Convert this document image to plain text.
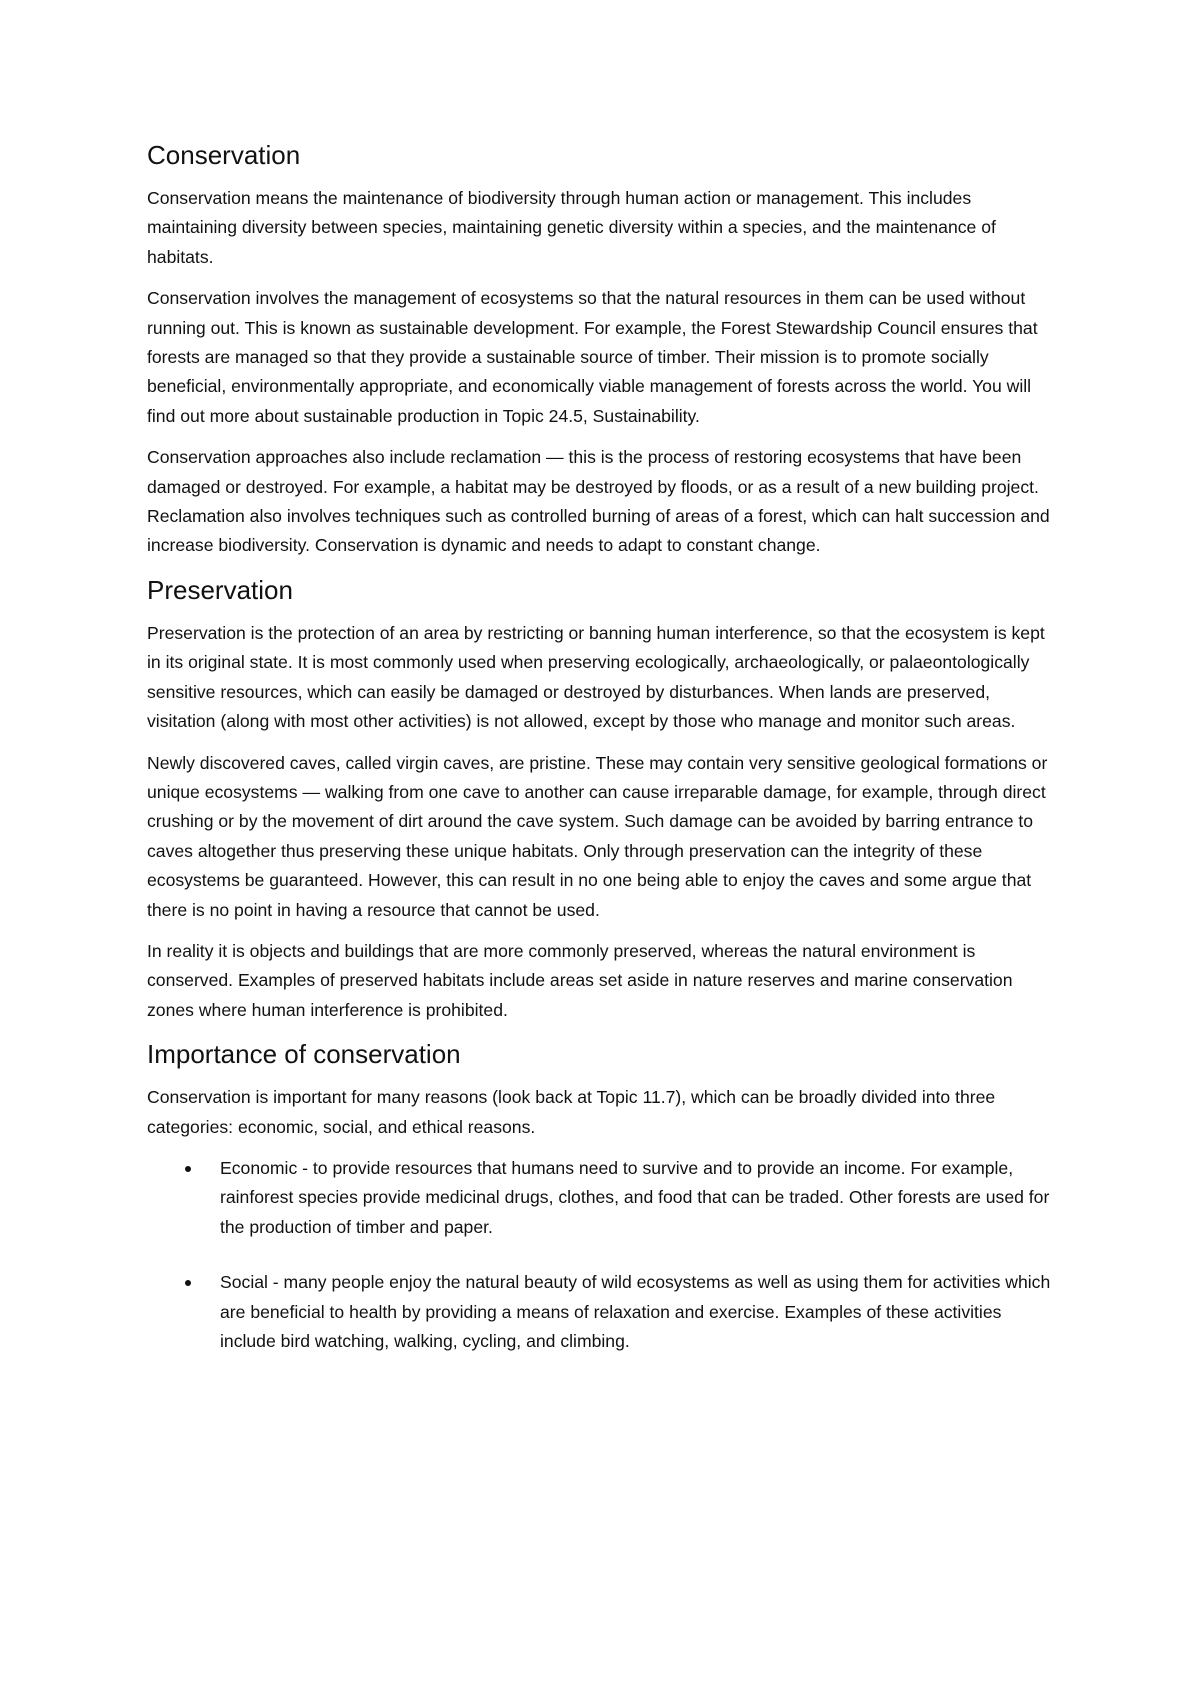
Conservation

Conservation means the maintenance of biodiversity through human action or management. This includes maintaining diversity between species, maintaining genetic diversity within a species, and the maintenance of habitats.

Conservation involves the management of ecosystems so that the natural resources in them can be used without running out. This is known as sustainable development. For example, the Forest Stewardship Council ensures that forests are managed so that they provide a sustainable source of timber. Their mission is to promote socially beneficial, environmentally appropriate, and economically viable management of forests across the world. You will find out more about sustainable production in Topic 24.5, Sustainability.

Conservation approaches also include reclamation — this is the process of restoring ecosystems that have been damaged or destroyed. For example, a habitat may be destroyed by floods, or as a result of a new building project. Reclamation also involves techniques such as controlled burning of areas of a forest, which can halt succession and increase biodiversity. Conservation is dynamic and needs to adapt to constant change.

Preservation

Preservation is the protection of an area by restricting or banning human interference, so that the ecosystem is kept in its original state. It is most commonly used when preserving ecologically, archaeologically, or palaeontologically sensitive resources, which can easily be damaged or destroyed by disturbances. When lands are preserved, visitation (along with most other activities) is not allowed, except by those who manage and monitor such areas.

Newly discovered caves, called virgin caves, are pristine. These may contain very sensitive geological formations or unique ecosystems — walking from one cave to another can cause irreparable damage, for example, through direct crushing or by the movement of dirt around the cave system. Such damage can be avoided by barring entrance to caves altogether thus preserving these unique habitats. Only through preservation can the integrity of these ecosystems be guaranteed. However, this can result in no one being able to enjoy the caves and some argue that there is no point in having a resource that cannot be used.

In reality it is objects and buildings that are more commonly preserved, whereas the natural environment is conserved. Examples of preserved habitats include areas set aside in nature reserves and marine conservation zones where human interference is prohibited.

Importance of conservation

Conservation is important for many reasons (look back at Topic 11.7), which can be broadly divided into three categories: economic, social, and ethical reasons.

Economic - to provide resources that humans need to survive and to provide an income. For example, rainforest species provide medicinal drugs, clothes, and food that can be traded. Other forests are used for the production of timber and paper.
Social - many people enjoy the natural beauty of wild ecosystems as well as using them for activities which are beneficial to health by providing a means of relaxation and exercise. Examples of these activities include bird watching, walking, cycling, and climbing.
